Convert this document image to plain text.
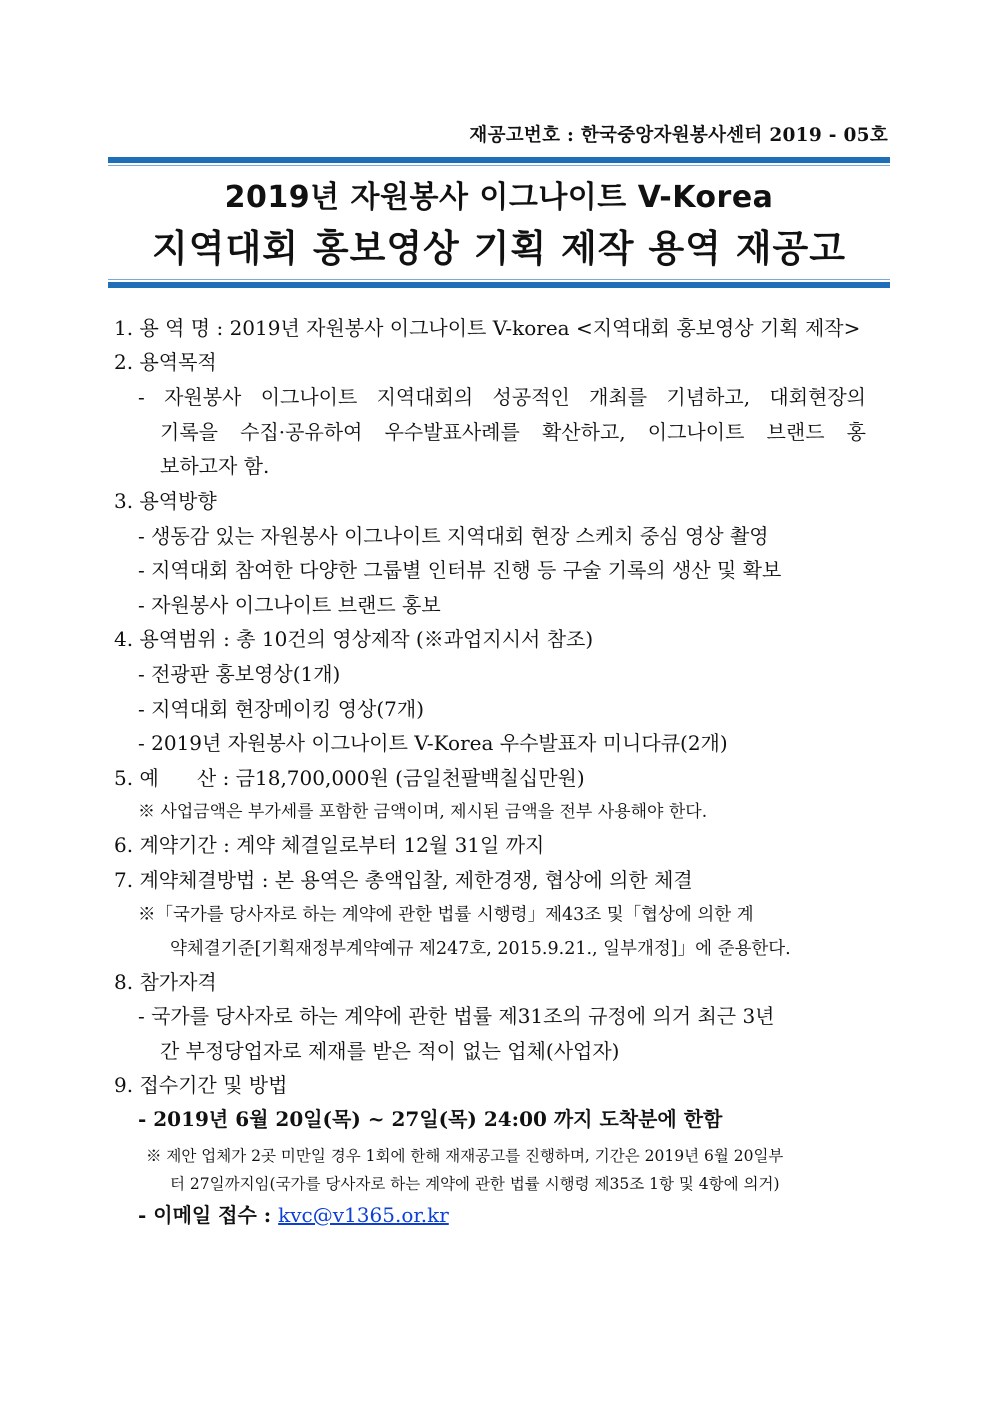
재공고번호 : 한국중앙자원봉사센터 2019 - 05호
2019년 자원봉사 이그나이트 V-Korea
지역대회 홍보영상 기획 제작 용역 재공고
1. 용 역 명 : 2019년 자원봉사 이그나이트 V-korea <지역대회 홍보영상 기획 제작>
2. 용역목적
- 자원봉사 이그나이트 지역대회의 성공적인 개최를 기념하고, 대회현장의
기록을 수집·공유하여 우수발표사례를 확산하고, 이그나이트 브랜드 홍
보하고자 함.
3. 용역방향
- 생동감 있는 자원봉사 이그나이트 지역대회 현장 스케치 중심 영상 촬영
- 지역대회 참여한 다양한 그룹별 인터뷰 진행 등 구술 기록의 생산 및 확보
- 자원봉사 이그나이트 브랜드 홍보
4. 용역범위 : 총 10건의 영상제작 (※과업지시서 참조)
- 전광판 홍보영상(1개)
- 지역대회 현장메이킹 영상(7개)
- 2019년 자원봉사 이그나이트 V-Korea 우수발표자 미니다큐(2개)
5. 예      산 : 금18,700,000원 (금일천팔백칠십만원)
※ 사업금액은 부가세를 포함한 금액이며, 제시된 금액을 전부 사용해야 한다.
6. 계약기간 : 계약 체결일로부터 12월 31일 까지
7. 계약체결방법 : 본 용역은 총액입찰, 제한경쟁, 협상에 의한 체결
※「국가를 당사자로 하는 계약에 관한 법률 시행령」제43조 및「협상에 의한 계
약체결기준[기획재정부계약예규 제247호, 2015.9.21., 일부개정]」에 준용한다.
8. 참가자격
- 국가를 당사자로 하는 계약에 관한 법률 제31조의 규정에 의거 최근 3년
간 부정당업자로 제재를 받은 적이 없는 업체(사업자)
9. 접수기간 및 방법
- 2019년 6월 20일(목) ~ 27일(목) 24:00 까지 도착분에 한함
※ 제안 업체가 2곳 미만일 경우 1회에 한해 재재공고를 진행하며, 기간은 2019년 6월 20일부
터 27일까지임(국가를 당사자로 하는 계약에 관한 법률 시행령 제35조 1항 및 4항에 의거)
- 이메일 접수 : kvc@v1365.or.kr
